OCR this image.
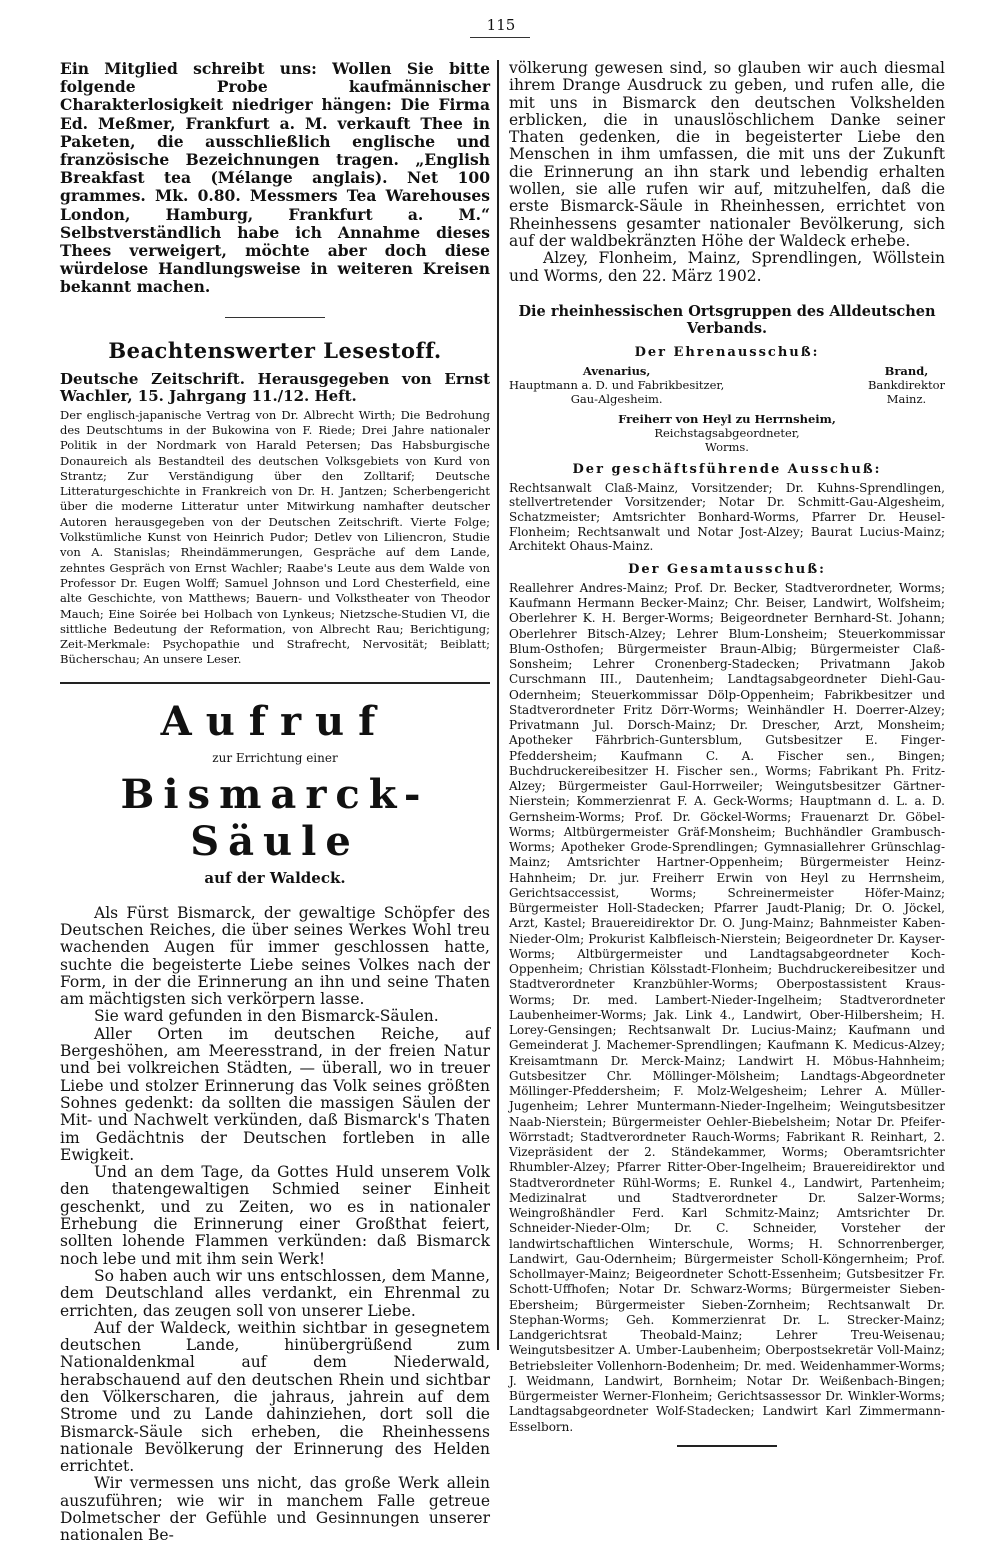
115

Ein Mitglied schreibt uns: Wollen Sie bitte folgende Probe kaufmännischer Charakterlosigkeit niedriger hängen: Die Firma Ed. Meßmer, Frankfurt a. M. verkauft Thee in Paketen, die ausschließlich englische und französische Bezeichnungen tragen. „English Breakfast tea (Mélange anglais). Net 100 grammes. Mk. 0.80. Messmers Tea Warehouses London, Hamburg, Frankfurt a. M.“ Selbstverständlich habe ich Annahme dieses Thees verweigert, möchte aber doch diese würdelose Handlungsweise in weiteren Kreisen bekannt machen.

Beachtenswerter Lesestoff.

Deutsche Zeitschrift. Herausgegeben von Ernst Wachler, 15. Jahrgang 11./12. Heft.

Der englisch-japanische Vertrag von Dr. Albrecht Wirth; Die Bedrohung des Deutschtums in der Bukowina von F. Riede; Drei Jahre nationaler Politik in der Nordmark von Harald Petersen; Das Habsburgische Donaureich als Bestandteil des deutschen Volksgebiets von Kurd von Strantz; Zur Verständigung über den Zolltarif; Deutsche Litteraturgeschichte in Frankreich von Dr. H. Jantzen; Scherbengericht über die moderne Litteratur unter Mitwirkung namhafter deutscher Autoren herausgegeben von der Deutschen Zeitschrift. Vierte Folge; Volkstümliche Kunst von Heinrich Pudor; Detlev von Liliencron, Studie von A. Stanislas; Rheindämmerungen, Gespräche auf dem Lande, zehntes Gespräch von Ernst Wachler; Raabe's Leute aus dem Walde von Professor Dr. Eugen Wolff; Samuel Johnson und Lord Chesterfield, eine alte Geschichte, von Matthews; Bauern- und Volkstheater von Theodor Mauch; Eine Soirée bei Holbach von Lynkeus; Nietzsche-Studien VI, die sittliche Bedeutung der Reformation, von Albrecht Rau; Berichtigung; Zeit-Merkmale: Psychopathie und Strafrecht, Nervosität; Beiblatt; Bücherschau; An unsere Leser.

Aufruf
zur Errichtung einer
Bismarck-Säule
auf der Waldeck.

Als Fürst Bismarck, der gewaltige Schöpfer des Deutschen Reiches, die über seines Werkes Wohl treu wachenden Augen für immer geschlossen hatte, suchte die begeisterte Liebe seines Volkes nach der Form, in der die Erinnerung an ihn und seine Thaten am mächtigsten sich verkörpern lasse.

Sie ward gefunden in den Bismarck-Säulen.

Aller Orten im deutschen Reiche, auf Bergeshöhen, am Meeresstrand, in der freien Natur und bei volkreichen Städten, — überall, wo in treuer Liebe und stolzer Erinnerung das Volk seines größten Sohnes gedenkt: da sollten die massigen Säulen der Mit- und Nachwelt verkünden, daß Bismarck's Thaten im Gedächtnis der Deutschen fortleben in alle Ewigkeit.

Und an dem Tage, da Gottes Huld unserem Volk den thatengewaltigen Schmied seiner Einheit geschenkt, und zu Zeiten, wo es in nationaler Erhebung die Erinnerung einer Großthat feiert, sollten lohende Flammen verkünden: daß Bismarck noch lebe und mit ihm sein Werk!

So haben auch wir uns entschlossen, dem Manne, dem Deutschland alles verdankt, ein Ehrenmal zu errichten, das zeugen soll von unserer Liebe.

Auf der Waldeck, weithin sichtbar in gesegnetem deutschen Lande, hinübergrüßend zum Nationaldenkmal auf dem Niederwald, herabschauend auf den deutschen Rhein und sichtbar den Völkerscharen, die jahraus, jahrein auf dem Strome und zu Lande dahinziehen, dort soll die Bismarck-Säule sich erheben, die Rheinhessens nationale Bevölkerung der Erinnerung des Helden errichtet.

Wir vermessen uns nicht, das große Werk allein auszuführen; wie wir in manchem Falle getreue Dolmetscher der Gefühle und Gesinnungen unserer nationalen Be-

völkerung gewesen sind, so glauben wir auch diesmal ihrem Drange Ausdruck zu geben, und rufen alle, die mit uns in Bismarck den deutschen Volkshelden erblicken, die in unauslöschlichem Danke seiner Thaten gedenken, die in begeisterter Liebe den Menschen in ihm umfassen, die mit uns der Zukunft die Erinnerung an ihn stark und lebendig erhalten wollen, sie alle rufen wir auf, mitzuhelfen, daß die erste Bismarck-Säule in Rheinhessen, errichtet von Rheinhessens gesamter nationaler Bevölkerung, sich auf der waldbekränzten Höhe der Waldeck erhebe.

Alzey, Flonheim, Mainz, Sprendlingen, Wöllstein und Worms, den 22. März 1902.

Die rheinhessischen Ortsgruppen des Alldeutschen Verbands.
Der Ehrenausschuß:
Avenarius,
Hauptmann a. D. und Fabrikbesitzer,
Gau-Algesheim.
Brand,
Bankdirektor
Mainz.
Freiherr von Heyl zu Herrnsheim,
Reichstagsabgeordneter,
Worms.
Der geschäftsführende Ausschuß:

Rechtsanwalt Claß-Mainz, Vorsitzender; Dr. Kuhns-Sprendlingen, stellvertretender Vorsitzender; Notar Dr. Schmitt-Gau-Algesheim, Schatzmeister; Amtsrichter Bonhard-Worms, Pfarrer Dr. Heusel-Flonheim; Rechtsanwalt und Notar Jost-Alzey; Baurat Lucius-Mainz; Architekt Ohaus-Mainz.

Der Gesamtausschuß:

Reallehrer Andres-Mainz; Prof. Dr. Becker, Stadtverordneter, Worms; Kaufmann Hermann Becker-Mainz; Chr. Beiser, Landwirt, Wolfsheim; Oberlehrer K. H. Berger-Worms; Beigeordneter Bernhard-St. Johann; Oberlehrer Bitsch-Alzey; Lehrer Blum-Lonsheim; Steuerkommissar Blum-Osthofen; Bürgermeister Braun-Albig; Bürgermeister Claß-Sonsheim; Lehrer Cronenberg-Stadecken; Privatmann Jakob Curschmann III., Dautenheim; Landtagsabgeordneter Diehl-Gau-Odernheim; Steuerkommissar Dölp-Oppenheim; Fabrikbesitzer und Stadtverordneter Fritz Dörr-Worms; Weinhändler H. Doerrer-Alzey; Privatmann Jul. Dorsch-Mainz; Dr. Drescher, Arzt, Monsheim; Apotheker Fährbrich-Guntersblum, Gutsbesitzer E. Finger-Pfeddersheim; Kaufmann C. A. Fischer sen., Bingen; Buchdruckereibesitzer H. Fischer sen., Worms; Fabrikant Ph. Fritz-Alzey; Bürgermeister Gaul-Horrweiler; Weingutsbesitzer Gärtner-Nierstein; Kommerzienrat F. A. Geck-Worms; Hauptmann d. L. a. D. Gernsheim-Worms; Prof. Dr. Göckel-Worms; Frauenarzt Dr. Göbel-Worms; Altbürgermeister Gräf-Monsheim; Buchhändler Grambusch-Worms; Apotheker Grode-Sprendlingen; Gymnasiallehrer Grünschlag-Mainz; Amtsrichter Hartner-Oppenheim; Bürgermeister Heinz-Hahnheim; Dr. jur. Freiherr Erwin von Heyl zu Herrnsheim, Gerichtsaccessist, Worms; Schreinermeister Höfer-Mainz; Bürgermeister Holl-Stadecken; Pfarrer Jaudt-Planig; Dr. O. Jöckel, Arzt, Kastel; Brauereidirektor Dr. O. Jung-Mainz; Bahnmeister Kaben-Nieder-Olm; Prokurist Kalbfleisch-Nierstein; Beigeordneter Dr. Kayser-Worms; Altbürgermeister und Landtagsabgeordneter Koch-Oppenheim; Christian Kölsstadt-Flonheim; Buchdruckereibesitzer und Stadtverordneter Kranzbühler-Worms; Oberpostassistent Kraus-Worms; Dr. med. Lambert-Nieder-Ingelheim; Stadtverordneter Laubenheimer-Worms; Jak. Link 4., Landwirt, Ober-Hilbersheim; H. Lorey-Gensingen; Rechtsanwalt Dr. Lucius-Mainz; Kaufmann und Gemeinderat J. Machemer-Sprendlingen; Kaufmann K. Medicus-Alzey; Kreisamtmann Dr. Merck-Mainz; Landwirt H. Möbus-Hahnheim; Gutsbesitzer Chr. Möllinger-Mölsheim; Landtags-Abgeordneter Möllinger-Pfeddersheim; F. Molz-Welgesheim; Lehrer A. Müller-Jugenheim; Lehrer Muntermann-Nieder-Ingelheim; Weingutsbesitzer Naab-Nierstein; Bürgermeister Oehler-Biebelsheim; Notar Dr. Pfeifer-Wörrstadt; Stadtverordneter Rauch-Worms; Fabrikant R. Reinhart, 2. Vizepräsident der 2. Ständekammer, Worms; Oberamtsrichter Rhumbler-Alzey; Pfarrer Ritter-Ober-Ingelheim; Brauereidirektor und Stadtverordneter Rühl-Worms; E. Runkel 4., Landwirt, Partenheim; Medizinalrat und Stadtverordneter Dr. Salzer-Worms; Weingroßhändler Ferd. Karl Schmitz-Mainz; Amtsrichter Dr. Schneider-Nieder-Olm; Dr. C. Schneider, Vorsteher der landwirtschaftlichen Winterschule, Worms; H. Schnorrenberger, Landwirt, Gau-Odernheim; Bürgermeister Scholl-Köngernheim; Prof. Schollmayer-Mainz; Beigeordneter Schott-Essenheim; Gutsbesitzer Fr. Schott-Uffhofen; Notar Dr. Schwarz-Worms; Bürgermeister Sieben-Ebersheim; Bürgermeister Sieben-Zornheim; Rechtsanwalt Dr. Stephan-Worms; Geh. Kommerzienrat Dr. L. Strecker-Mainz; Landgerichtsrat Theobald-Mainz; Lehrer Treu-Weisenau; Weingutsbesitzer A. Umber-Laubenheim; Oberpostsekretär Voll-Mainz; Betriebsleiter Vollenhorn-Bodenheim; Dr. med. Weidenhammer-Worms; J. Weidmann, Landwirt, Bornheim; Notar Dr. Weißenbach-Bingen; Bürgermeister Werner-Flonheim; Gerichtsassessor Dr. Winkler-Worms; Landtagsabgeordneter Wolf-Stadecken; Landwirt Karl Zimmermann-Esselborn.
